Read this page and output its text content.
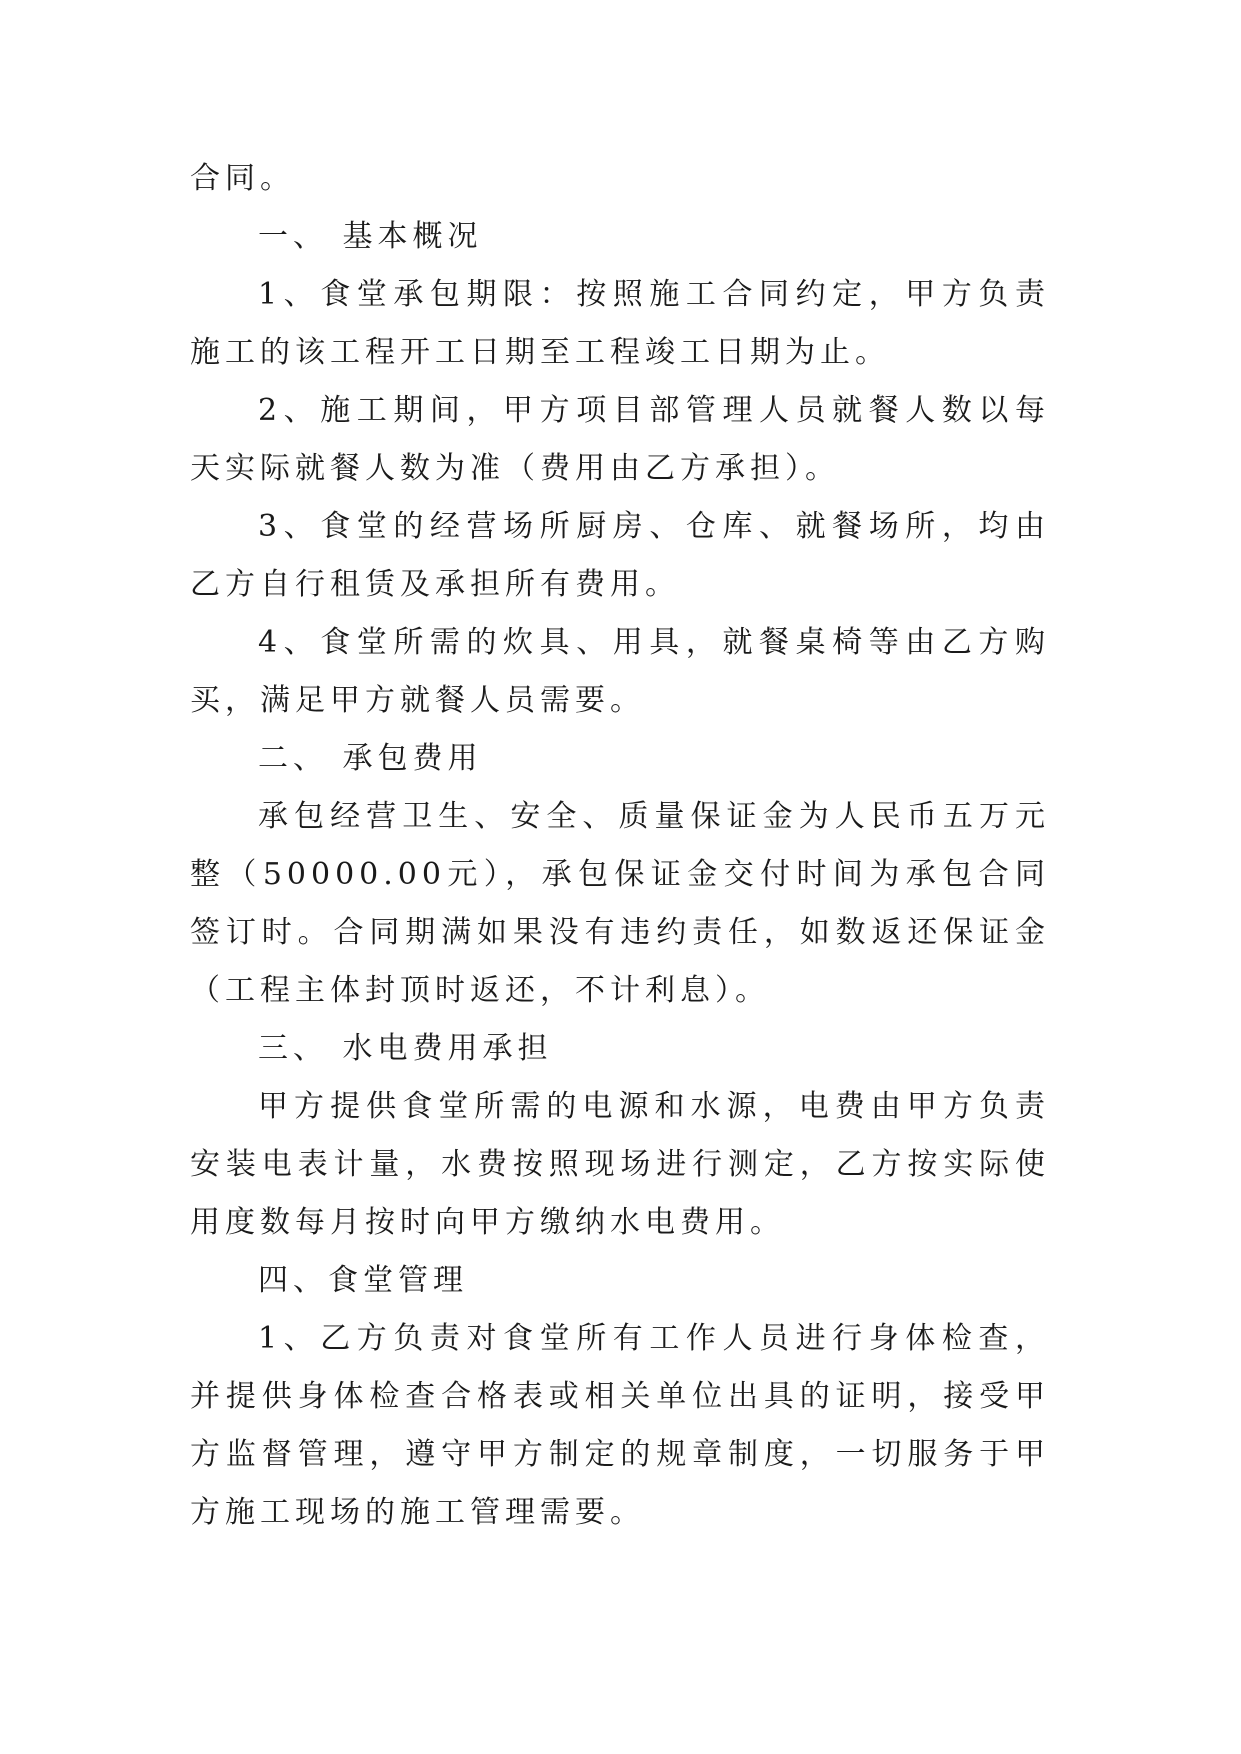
合同。

一、 基本概况

1、食堂承包期限：按照施工合同约定，甲方负责施工的该工程开工日期至工程竣工日期为止。

2、施工期间，甲方项目部管理人员就餐人数以每天实际就餐人数为准（费用由乙方承担）。

3、食堂的经营场所厨房、仓库、就餐场所，均由乙方自行租赁及承担所有费用。

4、食堂所需的炊具、用具，就餐桌椅等由乙方购买，满足甲方就餐人员需要。

二、 承包费用

承包经营卫生、安全、质量保证金为人民币五万元整（50000.00元），承包保证金交付时间为承包合同签订时。合同期满如果没有违约责任，如数返还保证金（工程主体封顶时返还，不计利息）。

三、 水电费用承担

甲方提供食堂所需的电源和水源，电费由甲方负责安装电表计量，水费按照现场进行测定，乙方按实际使用度数每月按时向甲方缴纳水电费用。

四、食堂管理

1、乙方负责对食堂所有工作人员进行身体检查，并提供身体检查合格表或相关单位出具的证明，接受甲方监督管理，遵守甲方制定的规章制度，一切服务于甲方施工现场的施工管理需要。
